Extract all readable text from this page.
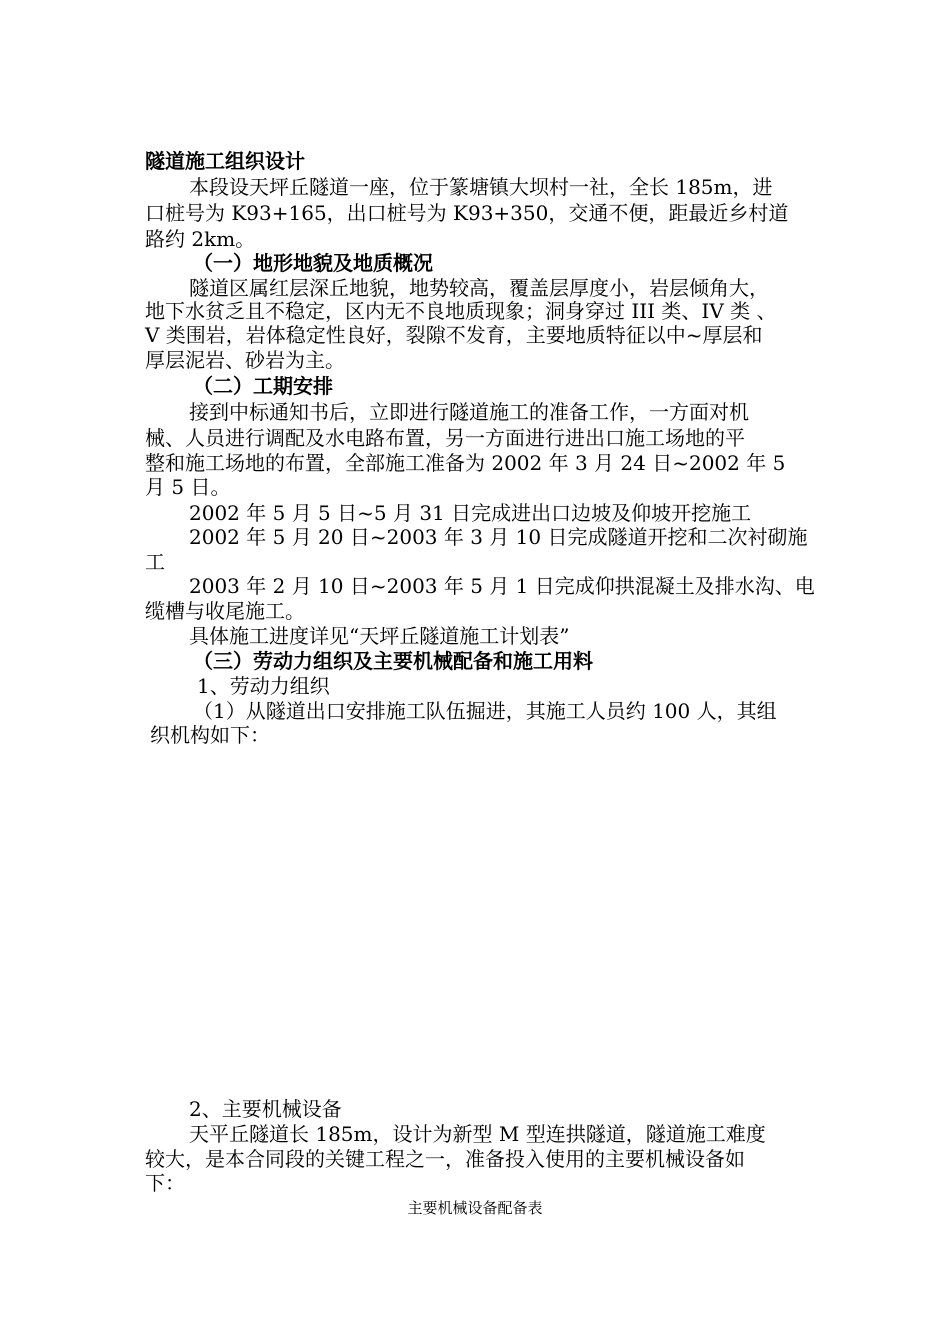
隧道施工组织设计
本段设天坪丘隧道一座，位于篆塘镇大坝村一社，全长 185m，进
口桩号为 K93+165，出口桩号为 K93+350，交通不便，距最近乡村道
路约 2km。
（一）地形地貌及地质概况
隧道区属红层深丘地貌，地势较高，覆盖层厚度小，岩层倾角大，
地下水贫乏且不稳定，区内无不良地质现象；洞身穿过 III 类、IV 类 、
V 类围岩，岩体稳定性良好，裂隙不发育，主要地质特征以中~厚层和
厚层泥岩、砂岩为主。
（二）工期安排
接到中标通知书后，立即进行隧道施工的准备工作，一方面对机
械、人员进行调配及水电路布置，另一方面进行进出口施工场地的平
整和施工场地的布置，全部施工准备为 2002 年 3 月 24 日~2002 年 5
月 5 日。
2002 年 5 月 5 日~5 月 31 日完成进出口边坡及仰坡开挖施工
2002 年 5 月 20 日~2003 年 3 月 10 日完成隧道开挖和二次衬砌施
工
2003 年 2 月 10 日~2003 年 5 月 1 日完成仰拱混凝土及排水沟、电
缆槽与收尾施工。
具体施工进度详见“天坪丘隧道施工计划表”
（三）劳动力组织及主要机械配备和施工用料
1、劳动力组织
（1）从隧道出口安排施工队伍掘进，其施工人员约 100 人，其组
织机构如下：
2、主要机械设备
天平丘隧道长 185m，设计为新型 M 型连拱隧道，隧道施工难度
较大，是本合同段的关键工程之一，准备投入使用的主要机械设备如
下：
主要机械设备配备表
